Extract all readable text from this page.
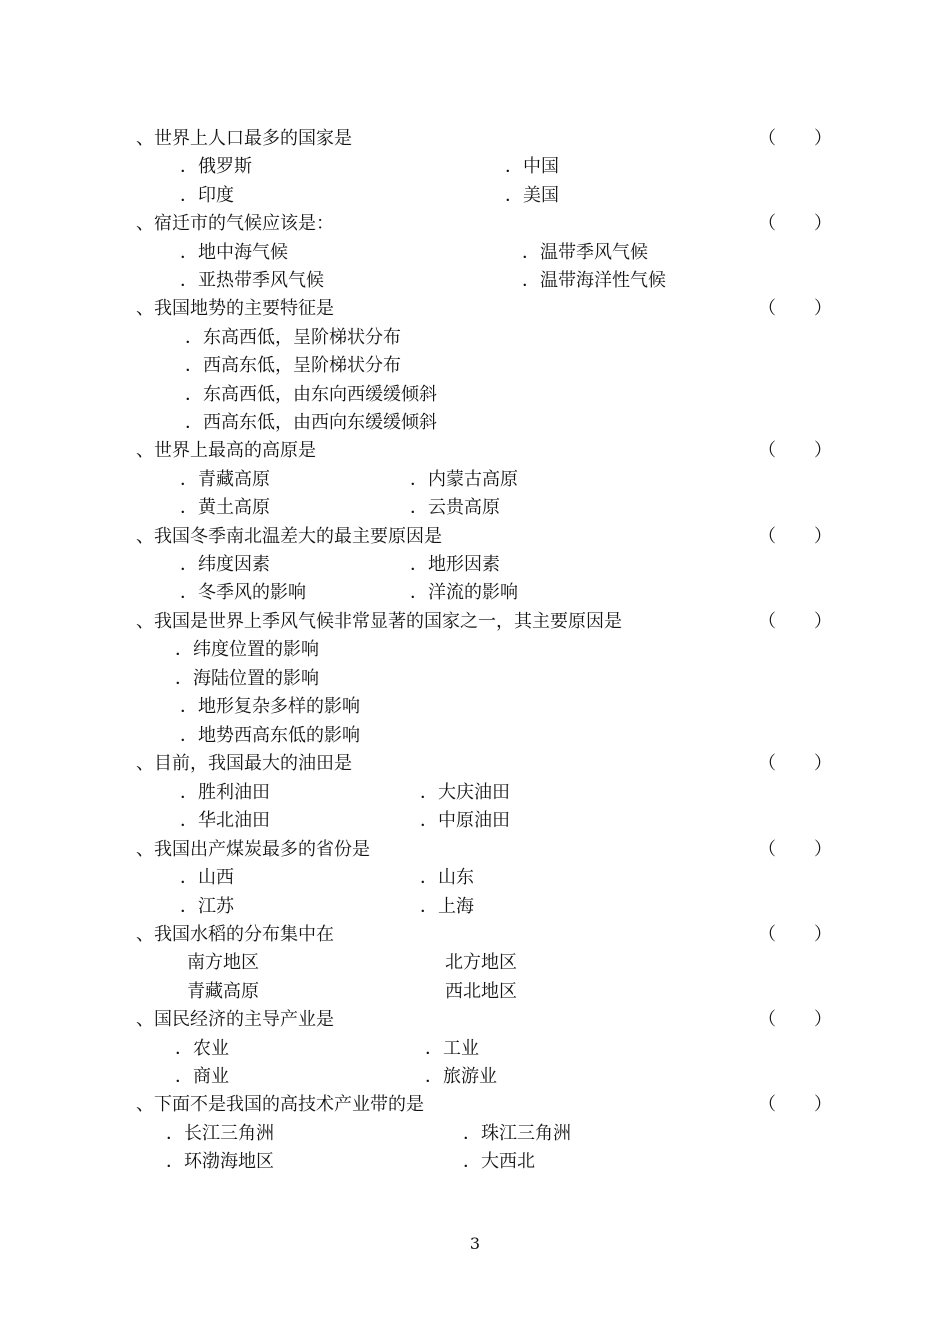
、世界上人口最多的国家是	（ ）
．俄罗斯	．中国
．印度	．美国
、宿迁市的气候应该是：	（ ）
．地中海气候	．温带季风气候
．亚热带季风气候	．温带海洋性气候
、我国地势的主要特征是	（ ）
．东高西低，呈阶梯状分布
．西高东低，呈阶梯状分布
．东高西低，由东向西缓缓倾斜
．西高东低，由西向东缓缓倾斜
、世界上最高的高原是	（ ）
．青藏高原	．内蒙古高原
．黄土高原	．云贵高原
、我国冬季南北温差大的最主要原因是	（ ）
．纬度因素	．地形因素
．冬季风的影响	．洋流的影响
、我国是世界上季风气候非常显著的国家之一，其主要原因是	（ ）
．纬度位置的影响
．海陆位置的影响
．地形复杂多样的影响
．地势西高东低的影响
、目前，我国最大的油田是	（ ）
．胜利油田	．大庆油田
．华北油田	．中原油田
、我国出产煤炭最多的省份是	（ ）
．山西	．山东
．江苏	．上海
、我国水稻的分布集中在	（ ）
南方地区	北方地区
青藏高原	西北地区
、国民经济的主导产业是	（ ）
．农业	．工业
．商业	．旅游业
、下面不是我国的高技术产业带的是	（ ）
．长江三角洲	．珠江三角洲
．环渤海地区	．大西北
3
